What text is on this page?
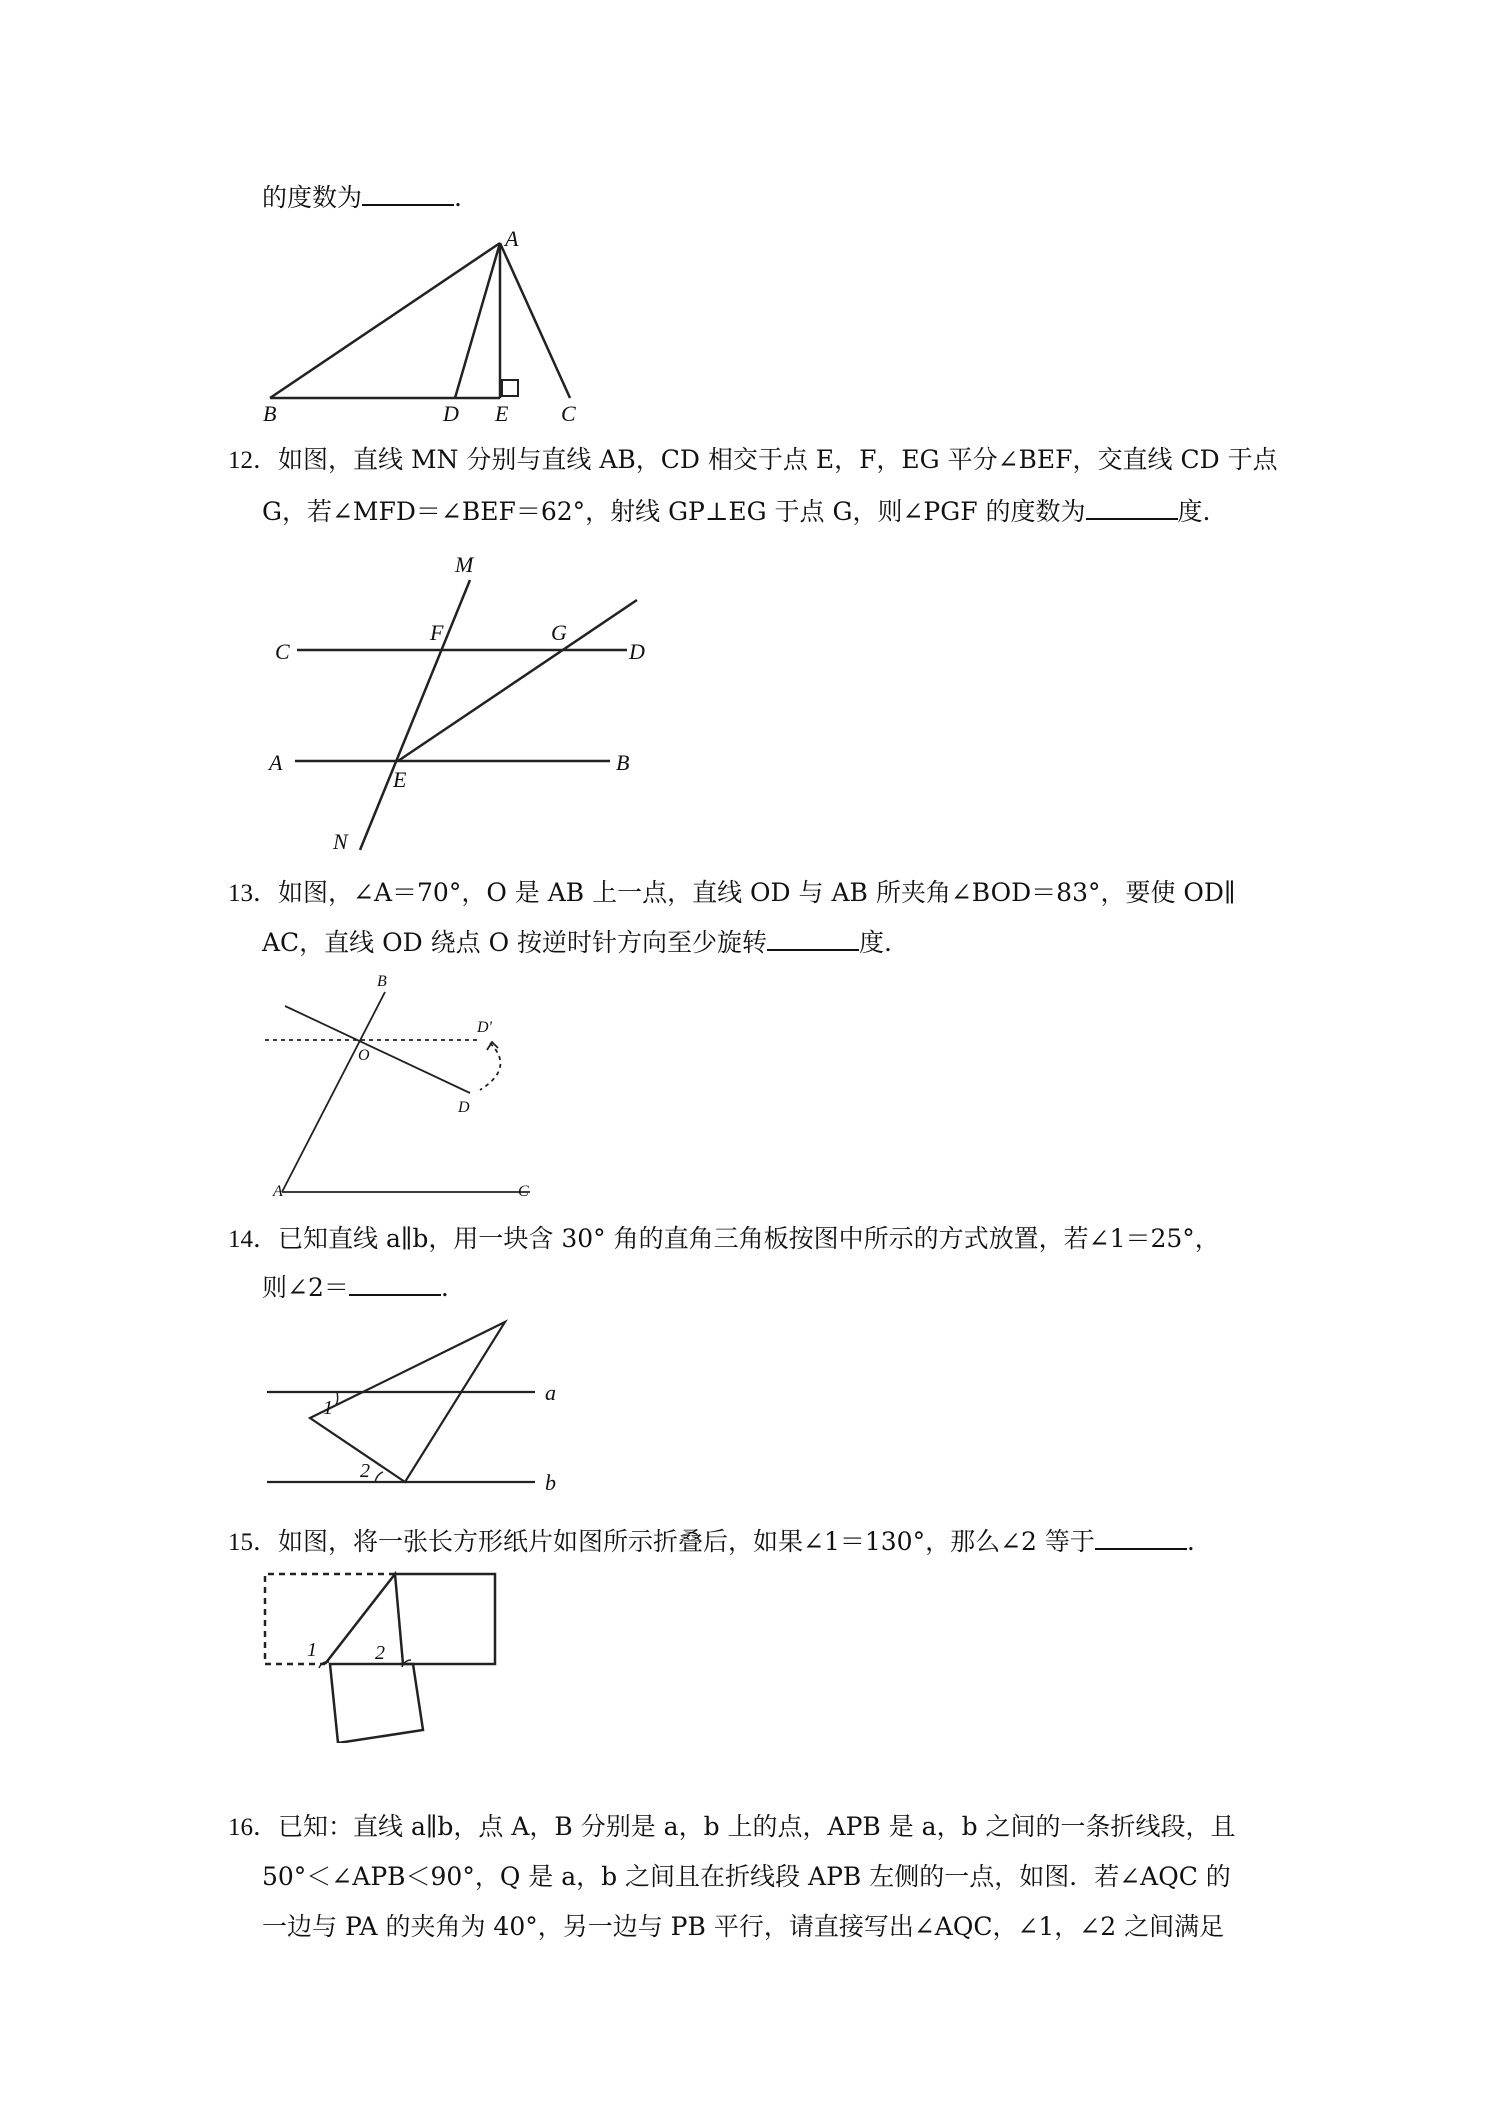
的度数为	.
A
B	D E C
12．如图，直线 MN 分别与直线 AB，CD 相交于点 E，F，EG 平分∠BEF，交直线 CD 于点
G，若∠MFD＝∠BEF＝62°，射线 GP⊥EG 于点 G，则∠PGF 的度数为	度.
M
F	G
C	D
A
E
B
N
13．如图，∠A＝70°，O 是 AB 上一点，直线 OD 与 AB 所夹角∠BOD＝83°，要使 OD∥
AC，直线 OD 绕点 O 按逆时针方向至少旋转	度.
B
D'
O
D
A	C
14．已知直线 a∥b，用一块含 30° 角的直角三角板按图中所示的方式放置，若∠1＝25°，
则∠2＝	.
1
a
2	b
15．如图，将一张长方形纸片如图所示折叠后，如果∠1＝130°，那么∠2 等于	.
1	2
16．已知：直线 a∥b，点 A，B 分别是 a，b 上的点，APB 是 a，b 之间的一条折线段，且
50°＜∠APB＜90°，Q 是 a，b 之间且在折线段 APB 左侧的一点，如图．若∠AQC 的
一边与 PA 的夹角为 40°，另一边与 PB 平行，请直接写出∠AQC，∠1，∠2 之间满足
